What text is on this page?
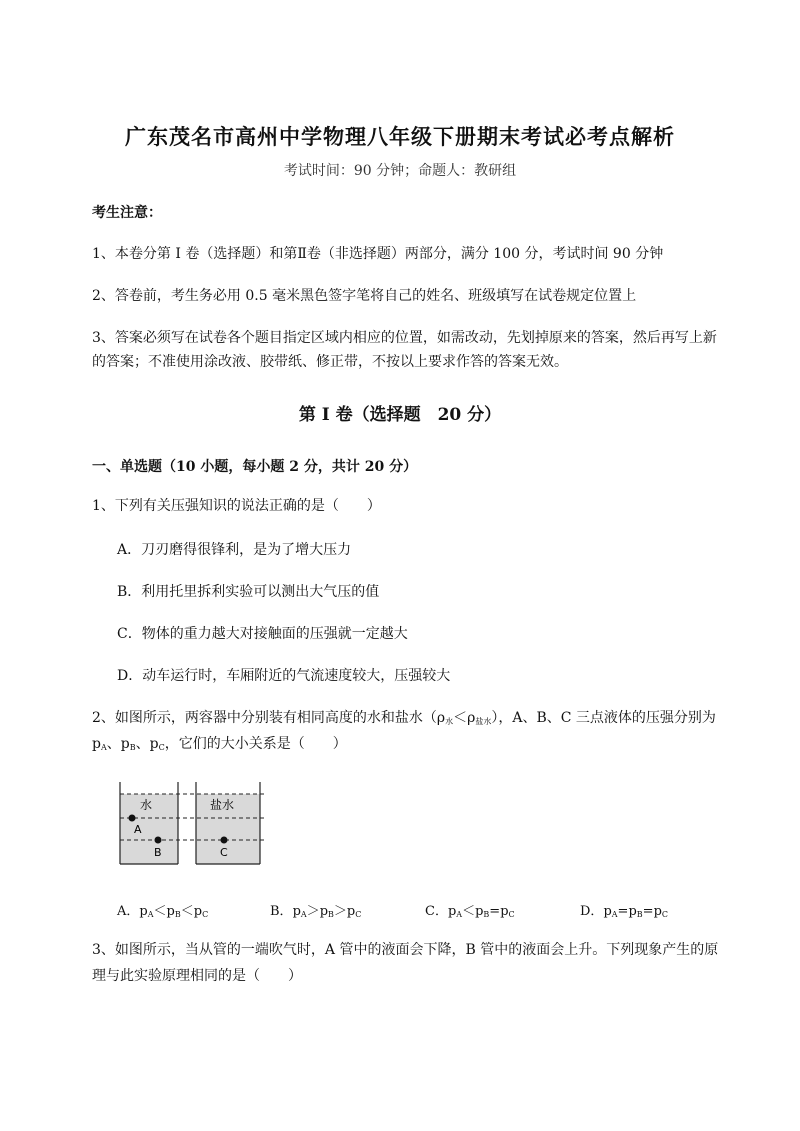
广东茂名市高州中学物理八年级下册期末考试必考点解析
考试时间：90 分钟；命题人：教研组
考生注意：
1、本卷分第 I 卷（选择题）和第Ⅱ卷（非选择题）两部分，满分 100 分，考试时间 90 分钟
2、答卷前，考生务必用 0.5 毫米黑色签字笔将自己的姓名、班级填写在试卷规定位置上
3、答案必须写在试卷各个题目指定区域内相应的位置，如需改动，先划掉原来的答案，然后再写上新
的答案；不准使用涂改液、胶带纸、修正带，不按以上要求作答的答案无效。
第 I 卷（选择题　20 分）
一、单选题（10 小题，每小题 2 分，共计 20 分）
1、下列有关压强知识的说法正确的是（　　）
A．刀刃磨得很锋利，是为了增大压力
B．利用托里拆利实验可以测出大气压的值
C．物体的重力越大对接触面的压强就一定越大
D．动车运行时，车厢附近的气流速度较大，压强较大
2、如图所示，两容器中分别装有相同高度的水和盐水$(\rho_水<\rho_{盐水})$，A、B、C 三点液体的压强分别为
$p_A$、$p_B$、$p_C$，它们的大小关系是（　　）
水	盐水
A
B	C
A．$p_A<p_B<p_C$	B．$p_A>p_B>p_C$	C．$p_A<p_B=p_C$	D．$p_A=p_B=p_C$
3、如图所示，当从管的一端吹气时，A 管中的液面会下降，B 管中的液面会上升。下列现象产生的原
理与此实验原理相同的是（　　）
